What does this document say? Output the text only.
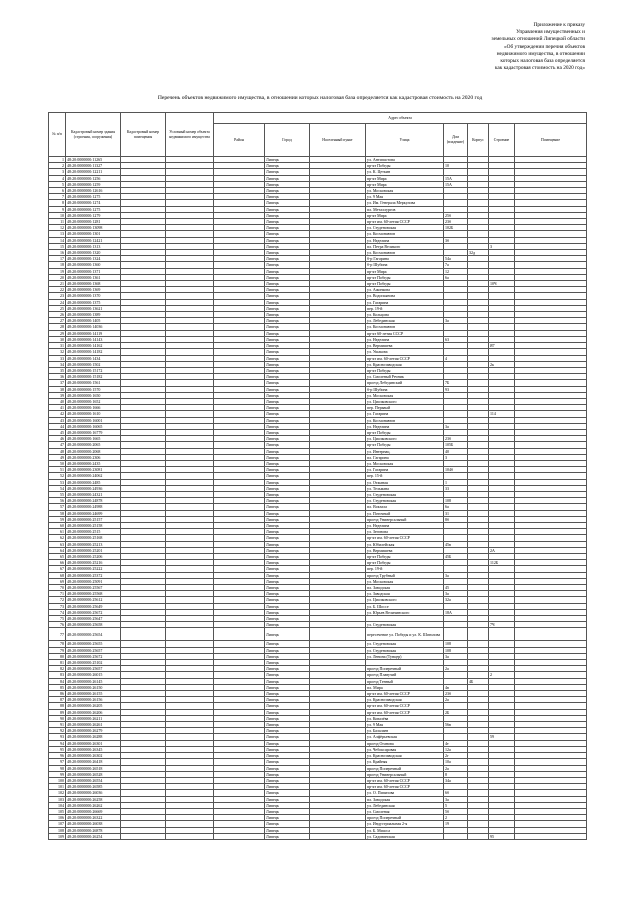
Приложение к приказу
Управления имущественных и
земельных отношений Липецкой области
«Об утверждении перечня объектов
недвижимого имущества, в отношении
которых налоговая база определяется
как кадастровая стоимость на 2020 год»
Перечень объектов недвижимого имущества, в отношении которых налоговая база определяется как кадастровая стоимость на 2020 год
№ п/п	Кадастровый номер здания (строения, сооружения)	Кадастровый номер помещения	Условный номер объекта недвижимого имущества	Адрес объекта							
				Район	Город	Населенный пункт	Улица	Дом (владение)	Корпус	Строение	Помещение
1	48:20:0000000:11265				Липецк		ул. Антипастова				
2	48:20:0000000:11327				Липецк		пр-кт Победы	10			
3	48:20:0000000:12211				Липецк		ул. К. Цеткин				
4	48:20:0000000:1256				Липецк		пр-кт Мира	15А			
5	48:20:0000000:1259				Липецк		пр-кт Мира	15А			
6	48:20:0000000:12616				Липецк		ул. Московская				
7	48:20:0000000:1275				Липецк		ул. 9 Мая				
8	48:20:0000000:1274				Липецк		ул. Им. Генерала Меркулова				
9	48:20:0000000:1275				Липецк		пл. Металлургов				
10	48:20:0000000:1279				Липецк		пр-кт Мира	25б			
11	48:20:0000000:1281				Липецк		пр-кт им. 60-летия СССР	23б			
12	48:20:0000000:13098				Липецк		ул. Студеновская	102Б			
13	48:20:0000000:1301				Липецк		ул. Космонавтов				
14	48:20:0000000:12421				Липецк		ул. Неделина	3б			
15	48:20:0000000:1313				Липецк		пл. Петра Великого			3	
16	48:20:0000000:1320				Липецк		ул. Космонавтов		32д		
17	48:20:0000000:1324				Липецк		б-р Гагарина	54а			
18	48:20:0000000:1360				Липецк		б-р Шубина	7а			
19	48:20:0000000:1371				Липецк		пр-кт Мира	12			
20	48:20:0000000:1361				Липецк		пр-кт Победы	6а			
21	48:20:0000000:1368				Липецк		пр-кт Победы			10Ч	
22	48:20:0000000:1369				Липецк		ул. Ажонкова				
23	48:20:0000000:1370				Липецк		ул. Водопьянова				
24	48:20:0000000:1375				Липецк		ул. Гагарина				
25	48:20:0000000:13621				Липецк		пер. 19-й				
26	48:20:0000000:1389				Липецк		ул. Кольцова				
27	48:20:0000000:1405				Липецк		ул. Лебединская	3а			
28	48:20:0000000:14036				Липецк		ул. Космонавтов				
29	48:20:0000000:14119				Липецк		пр-кт 60-летия СССР				
30	48:20:0000000:14143				Липецк		ул. Неделина	63			
31	48:20:0000000:14162				Липецк		ул. Вермишева			Я7	
32	48:20:0000000:14182				Липецк		ул. Ушакова				
33	48:20:0000000:1434				Липецк		пр-кт им. 60-летия СССР	4			
34	48:20:0000000:1502				Липецк		ул. Краснозаводская			2к	
35	48:20:0000000:15172				Липецк		пр-кт Победы				
36	48:20:0000000:15182				Липецк		ул. Смоленый Речник				
37	48:20:0000000:1561				Липецк		проезд Лебединский	7Б			
38	48:20:0000000:1570				Липецк		б-р Шубина	93			
39	48:20:0000000:1650				Липецк		ул. Московская				
40	48:20:0000000:1652				Липецк		ул. Циолковского				
41	48:20:0000000:1666				Липецк		пер. Перьвый				
42	48:20:0000000:1610				Липецк		ул. Гагарина			114	
43	48:20:0000000:16001				Липецк		ул. Космонавтов				
44	48:20:0000000:16065				Липецк		ул. Неделина	3а			
45	48:20:0000000:16779				Липецк		пр-кт Победы				
46	48:20:0000000:1665				Липецк		ул. Циолковского	23б			
47	48:20:0000000:2065				Липецк		пр-кт Победы	105Б			
48	48:20:0000000:2068				Липецк		ул. Интернац.	40			
49	48:20:0000000:2306				Липецк		пл. Гагарина	3			
50	48:20:0000000:2435				Липецк		ул. Московская				
51	48:20:0000000:23081				Липецк		ул. Гагарина	104б			
52	48:20:0000000:24062				Липецк		пер. 15-й				
53	48:20:0000000:2485				Липецк		ул. Отжаная	1			
54	48:20:0000000:24936				Липецк		ул. Тельмана	33			
55	48:20:0000000:24321				Липецк		ул. Студеновская				
56	48:20:0000000:24878				Липецк		ул. Студеновская	108			
57	48:20:0000000:24988				Липецк		пл. Вокзала	6а			
58	48:20:0000000:24699				Липецк		ул. Поточный	31			
59	48:20:0000000:25157				Липецк		проезд Универсальный	8б			
60	48:20:0000000:25158				Липецк		ул. Неделина				
61	48:20:0000000:2515				Липецк		ул. Зегонова				
62	48:20:0000000:25168				Липецк		пр-кт им. 60-летия СССР				
63	48:20:0000000:25213				Липецк		ул. Юбилейская	45в			
64	48:20:0000000:25201				Липецк		ул. Вермишева			2А	
65	48:20:0000000:25206				Липецк		пр-кт Победы	45Б			
66	48:20:0000000:25216				Липецк		пр-кт Победы			112Б	
67	48:20:0000000:25222				Липецк		пер. 19-й				
68	48:20:0000000:25372				Липецк		проезд Трубный	3а			
69	48:20:0000000:25091				Липецк		ул. Московская				
70	48:20:0000000:25567				Липецк		пл. Заводская	45			
71	48:20:0000000:25568				Липецк		ул. Заводская	3а			
72	48:20:0000000:25612				Липецк		ул. Циолковского	32а			
73	48:20:0000000:25649				Липецк		ул. Б. Шоссе				
74	48:20:0000000:25672				Липецк		ул. Юрьев Величинского	18А			
75	48:20:0000000:25647				Липецк						
76	48:20:0000000:25658				Липецк		ул. Студеновская			7Ч	
77	48:20:0000000:25654				Липецк		пересечение ул. Победы и ул. К. Шатилова				
78	48:20:0000000:25655				Липецк		ул. Студеновская	108			
79	48:20:0000000:25657				Липецк		ул. Студеновская	108			
80	48:20:0000000:25672				Липецк		ул. Ленина (Тунцер)	3а			
81	48:20:0000000:25102				Липецк						
82	48:20:0000000:25657				Липецк		проезд Поперечный	2а			
83	48:20:0000000:26015				Липецк		проезд Плавучий			2	
84	48:20:0000000:26145				Липецк		проезд Тенный		4Б		
85	48:20:0000000:26150				Липецк		пл. Мира	4в			
86	48:20:0000000:26155				Липецк		пр-кт им. 60-летия СССР	23б			
87	48:20:0000000:26156				Липецк		ул. Краснозаводская	2а			
88	48:20:0000000:26205				Липецк		пр-кт им. 60-летия СССР				
89	48:20:0000000:26206				Липецк		пр-кт им. 60-летия СССР	2Б			
90	48:20:0000000:26211				Липецк		ул. Ковалёва				
91	48:20:0000000:26261				Липецк		ул. 9 Мая	56в			
92	48:20:0000000:26279				Липецк		ул. Балалаев				
93	48:20:0000000:26288				Липецк		ул. Алфёрьевская			59	
94	48:20:0000000:26301				Липецк		проезд Оганова	4т			
95	48:20:0000000:26345				Липецк		ул. Чебоксаровая	12а			
96	48:20:0000000:26302				Липецк		ул. Краснозаводская	2г			
97	48:20:0000000:26418				Липецк		ул. Крайняя	10а			
98	48:20:0000000:26518				Липецк		проезд Поперечный	2а			
99	48:20:0000000:26528				Липецк		проезд Универсальный	8			
100	48:20:0000000:26554				Липецк		пр-кт им. 60-летия СССР	34а			
101	48:20:0000000:26585				Липецк		пр-кт им. 60-летия СССР				
102	48:20:0000000:26036				Липецк		ул. О. Пипизова	6б			
103	48:20:0000000:26258				Липецк		пл. Заводская	3а			
104	48:20:0000000:26262				Липецк		ул. Лебединская	5			
105	48:20:0000000:26669				Липецк		ул. Смоленая	5б			
106	48:20:0000000:26322				Липецк		проезд Поперечный	2			
107	48:20:0000000:26038				Липецк		ул. Индустриальная 2-я	19			
108	48:20:0000000:26878				Липецк		ул. Б. Миасса				
109	48:20:0000000:26254				Липецк		ул. Садовинская			95	
